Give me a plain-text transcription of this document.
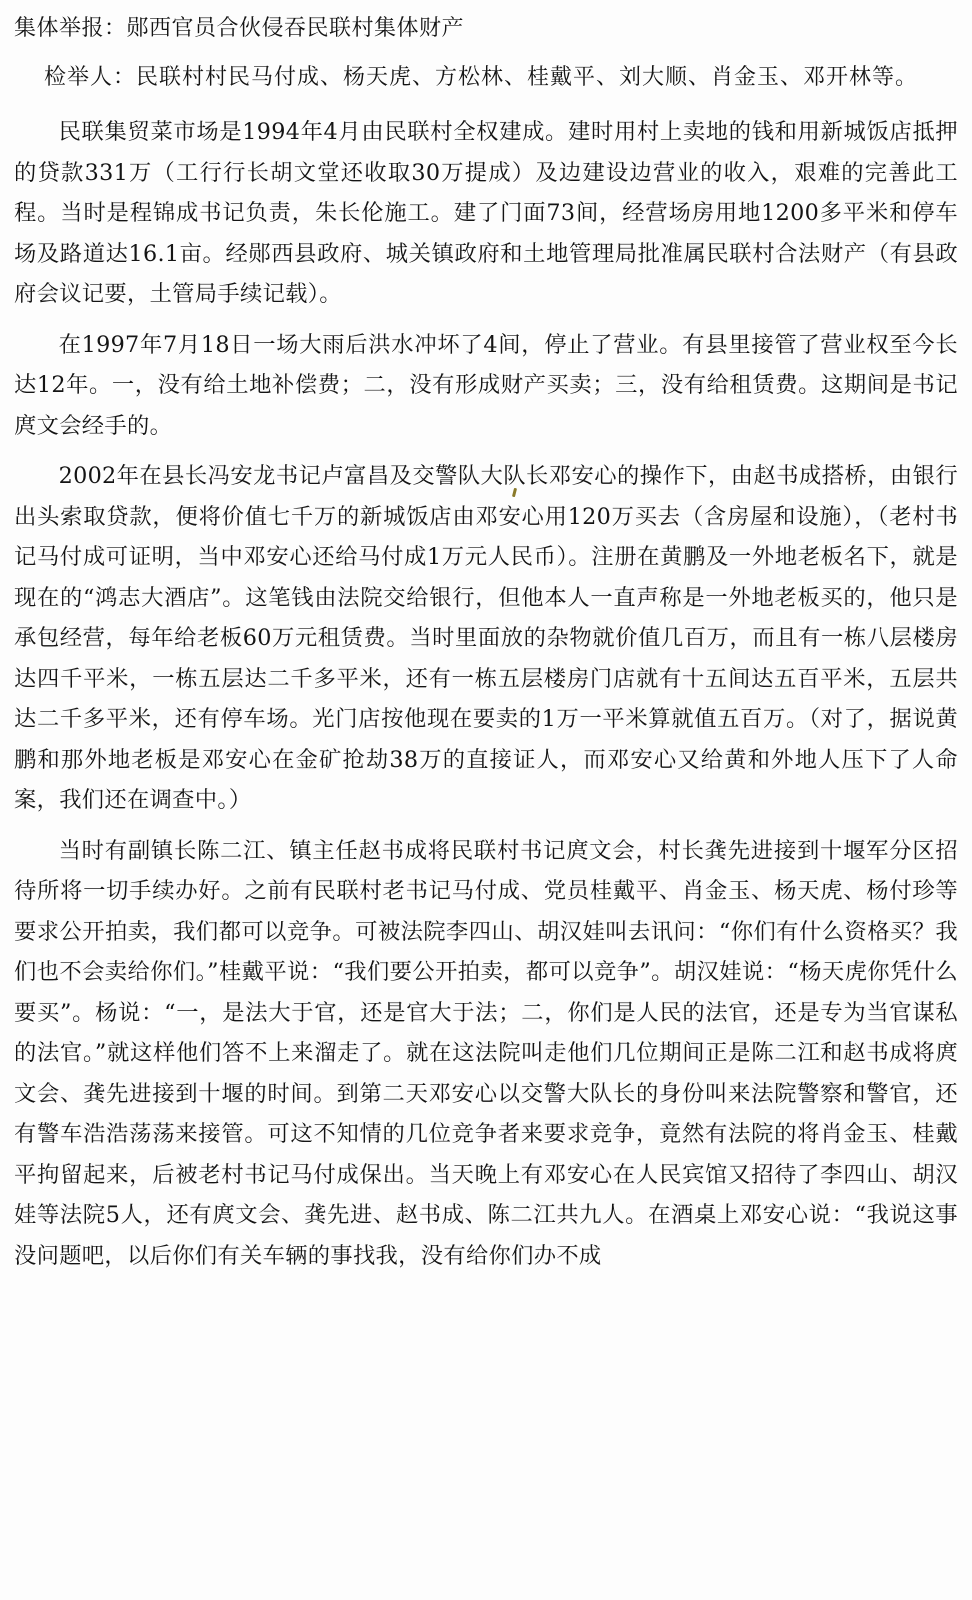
集体举报：郧西官员合伙侵吞民联村集体财产
检举人：民联村村民马付成、杨天虎、方松林、桂戴平、刘大顺、肖金玉、邓开林等。

民联集贸菜市场是1994年4月由民联村全权建成。建时用村上卖地的钱和用新城饭店抵押的贷款331万（工行行长胡文堂还收取30万提成）及边建设边营业的收入，艰难的完善此工程。当时是程锦成书记负责，朱长伦施工。建了门面73间，经营场房用地1200多平米和停车场及路道达16.1亩。经郧西县政府、城关镇政府和土地管理局批准属民联村合法财产（有县政府会议记要，土管局手续记载）。

在1997年7月18日一场大雨后洪水冲坏了4间，停止了营业。有县里接管了营业权至今长达12年。一，没有给土地补偿费；二，没有形成财产买卖；三，没有给租赁费。这期间是书记庹文会经手的。

2002年在县长冯安龙书记卢富昌及交警队大队长邓安心的操作下，由赵书成搭桥，由银行出头索取贷款，便将价值七千万的新城饭店由邓安心用120万买去（含房屋和设施），（老村书记马付成可证明，当中邓安心还给马付成1万元人民币）。注册在黄鹏及一外地老板名下，就是现在的“鸿志大酒店”。这笔钱由法院交给银行，但他本人一直声称是一外地老板买的，他只是承包经营，每年给老板60万元租赁费。当时里面放的杂物就价值几百万，而且有一栋八层楼房达四千平米，一栋五层达二千多平米，还有一栋五层楼房门店就有十五间达五百平米，五层共达二千多平米，还有停车场。光门店按他现在要卖的1万一平米算就值五百万。（对了，据说黄鹏和那外地老板是邓安心在金矿抢劫38万的直接证人，而邓安心又给黄和外地人压下了人命案，我们还在调查中。）

当时有副镇长陈二江、镇主任赵书成将民联村书记庹文会，村长龚先进接到十堰军分区招待所将一切手续办好。之前有民联村老书记马付成、党员桂戴平、肖金玉、杨天虎、杨付珍等要求公开拍卖，我们都可以竞争。可被法院李四山、胡汉娃叫去讯问：“你们有什么资格买？我们也不会卖给你们。”桂戴平说：“我们要公开拍卖，都可以竞争”。胡汉娃说：“杨天虎你凭什么要买”。杨说：“一，是法大于官，还是官大于法；二，你们是人民的法官，还是专为当官谋私的法官。”就这样他们答不上来溜走了。就在这法院叫走他们几位期间正是陈二江和赵书成将庹文会、龚先进接到十堰的时间。到第二天邓安心以交警大队长的身份叫来法院警察和警官，还有警车浩浩荡荡来接管。可这不知情的几位竞争者来要求竞争，竟然有法院的将肖金玉、桂戴平拘留起来，后被老村书记马付成保出。当天晚上有邓安心在人民宾馆又招待了李四山、胡汉娃等法院5人，还有庹文会、龚先进、赵书成、陈二江共九人。在酒桌上邓安心说：“我说这事没问题吧，以后你们有关车辆的事找我，没有给你们办不成
